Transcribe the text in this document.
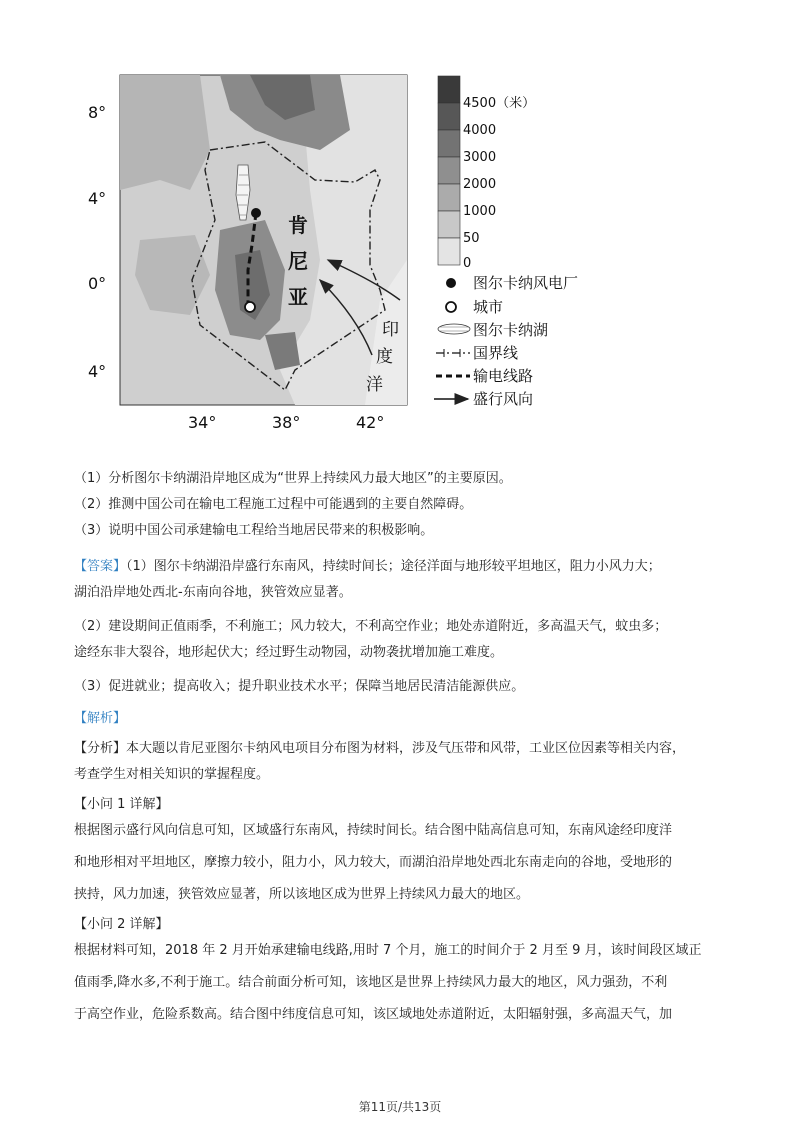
肯
尼
亚
印
度
洋
8°
4°
0°
4°
34°	38°	42°
4500（米）
4000
3000
2000
1000
50
0
图尔卡纳风电厂
城市
图尔卡纳湖
国界线
输电线路
盛行风向
（1）分析图尔卡纳湖沿岸地区成为“世界上持续风力最大地区”的主要原因。
（2）推测中国公司在输电工程施工过程中可能遇到的主要自然障碍。
（3）说明中国公司承建输电工程给当地居民带来的积极影响。
【答案】（1）图尔卡纳湖沿岸盛行东南风，持续时间长；途径洋面与地形较平坦地区，阻力小风力大；
湖泊沿岸地处西北-东南向谷地，狭管效应显著。
（2）建设期间正值雨季，不利施工；风力较大，不利高空作业；地处赤道附近，多高温天气，蚊虫多；
途经东非大裂谷，地形起伏大；经过野生动物园，动物袭扰增加施工难度。
（3）促进就业；提高收入；提升职业技术水平；保障当地居民清洁能源供应。
【解析】
【分析】本大题以肯尼亚图尔卡纳风电项目分布图为材料，涉及气压带和风带，工业区位因素等相关内容，
考查学生对相关知识的掌握程度。
【小问 1 详解】
根据图示盛行风向信息可知，区域盛行东南风，持续时间长。结合图中陆高信息可知，东南风途经印度洋
和地形相对平坦地区，摩擦力较小，阻力小，风力较大，而湖泊沿岸地处西北东南走向的谷地，受地形的
挟持，风力加速，狭管效应显著，所以该地区成为世界上持续风力最大的地区。
【小问 2 详解】
根据材料可知，2018 年 2 月开始承建输电线路,用时 7 个月，施工的时间介于 2 月至 9 月，该时间段区域正
值雨季,降水多,不利于施工。结合前面分析可知，该地区是世界上持续风力最大的地区，风力强劲，不利
于高空作业，危险系数高。结合图中纬度信息可知，该区域地处赤道附近，太阳辐射强，多高温天气，加
第11页/共13页
